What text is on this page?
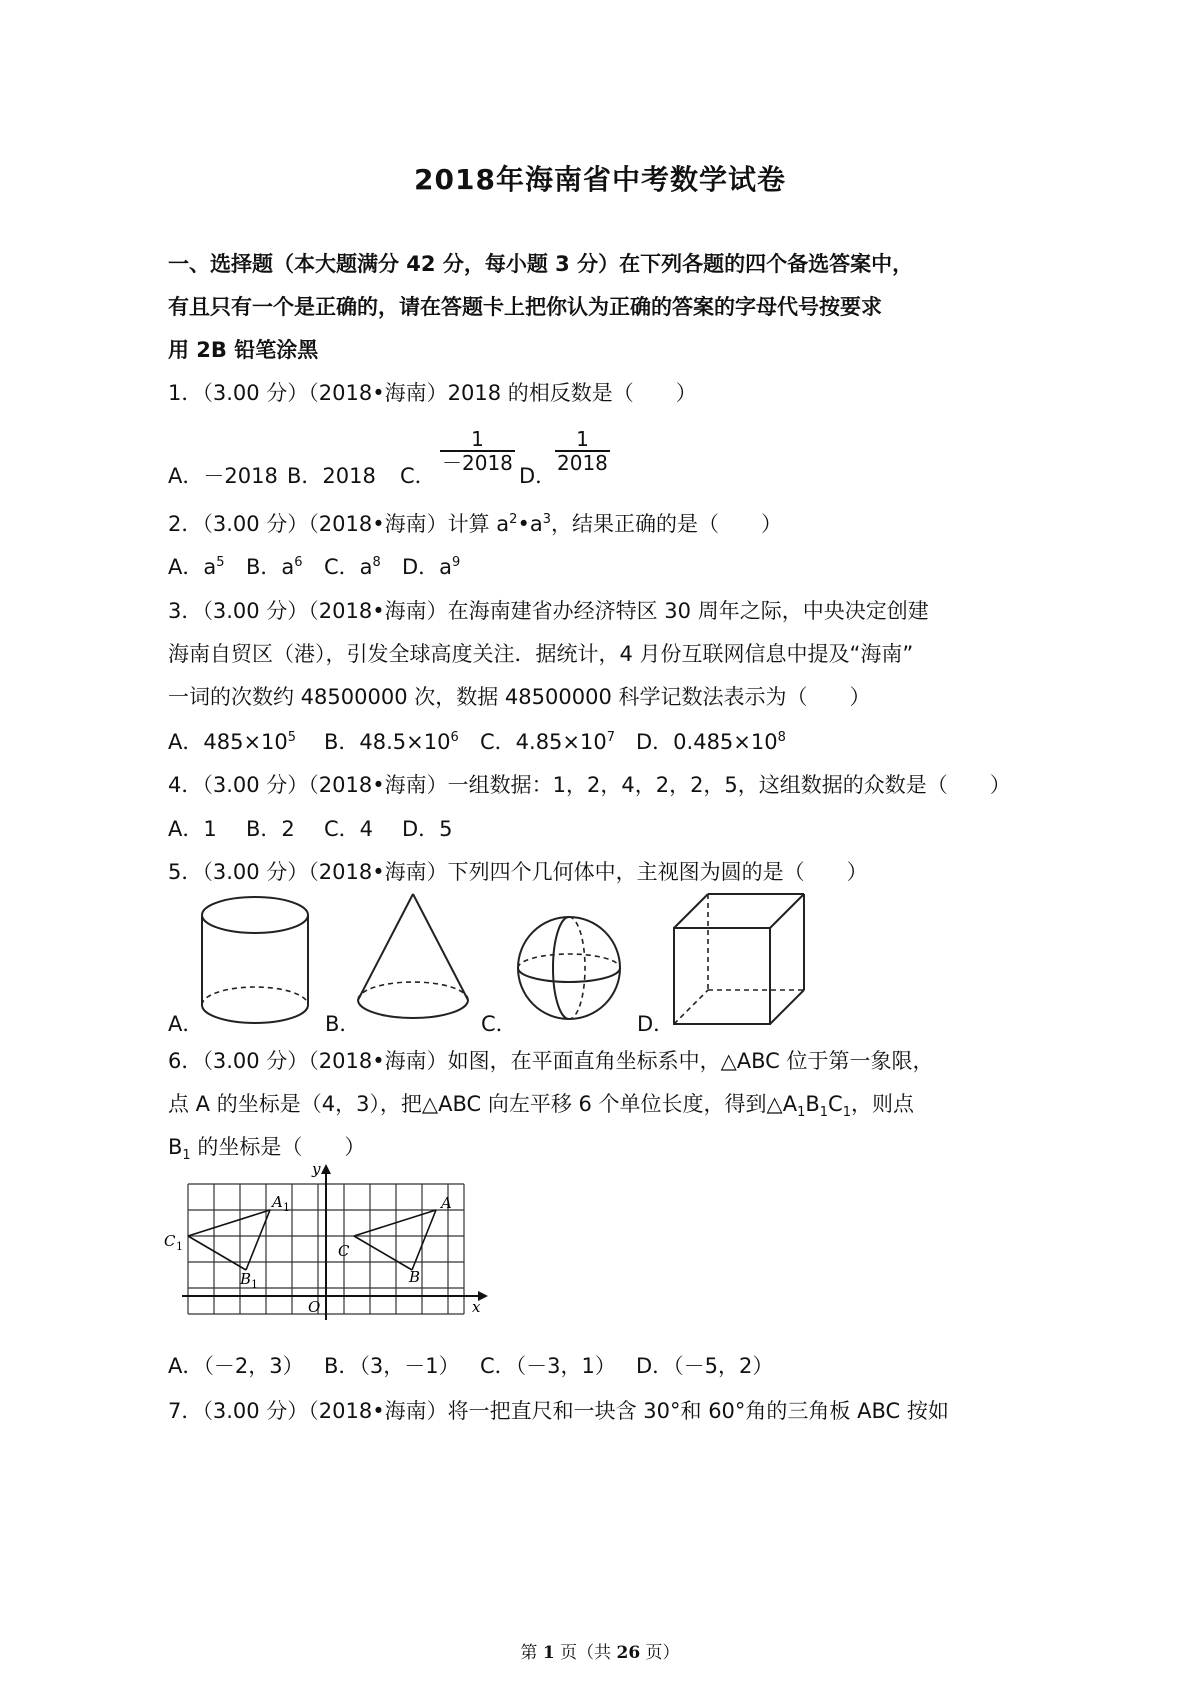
2018年海南省中考数学试卷
一、选择题（本大题满分 42 分，每小题 3 分）在下列各题的四个备选答案中，
有且只有一个是正确的，请在答题卡上把你认为正确的答案的字母代号按要求
用 2B 铅笔涂黑
1．（3.00 分）（2018•海南）2018 的相反数是（　　）
A．－2018 B．2018 C．
$\frac{1}{-2018}$
D．
$\frac{1}{2018}$
2．（3.00 分）（2018•海南）计算 $a^2•a^3$，结果正确的是（　　）
A．$a^5$ B．$a^6$ C．$a^8$ D．$a^9$
3．（3.00 分）（2018•海南）在海南建省办经济特区 30 周年之际，中央决定创建
海南自贸区（港），引发全球高度关注．据统计，4 月份互联网信息中提及“海南”
一词的次数约 48500000 次，数据 48500000 科学记数法表示为（　　）
A．$485\times 10^5$ B．$48.5\times 10^6$ C．$4.85\times 10^7$ D．$0.485\times 10^8$
4．（3.00 分）（2018•海南）一组数据：1，2，4，2，2，5，这组数据的众数是（　　）
A．1 B．2 C．4 D．5
5．（3.00 分）（2018•海南）下列四个几何体中，主视图为圆的是（　　）
A．	B．	C．	D．
6．（3.00 分）（2018•海南）如图，在平面直角坐标系中，△ABC 位于第一象限，
点 A 的坐标是（4，3），把△ABC 向左平移 6 个单位长度，得到$\triangle A_1B_1C_1$，则点
$B_1$ 的坐标是（　　）
y
x
O
A
B
C
A 1
B 1
C 1
A．（－2，3） B．（3，－1） C．（－3，1） D．（－5，2）
7．（3.00 分）（2018•海南）将一把直尺和一块含 30°和 60°角的三角板 ABC 按如
第 1 页（共 26 页）
